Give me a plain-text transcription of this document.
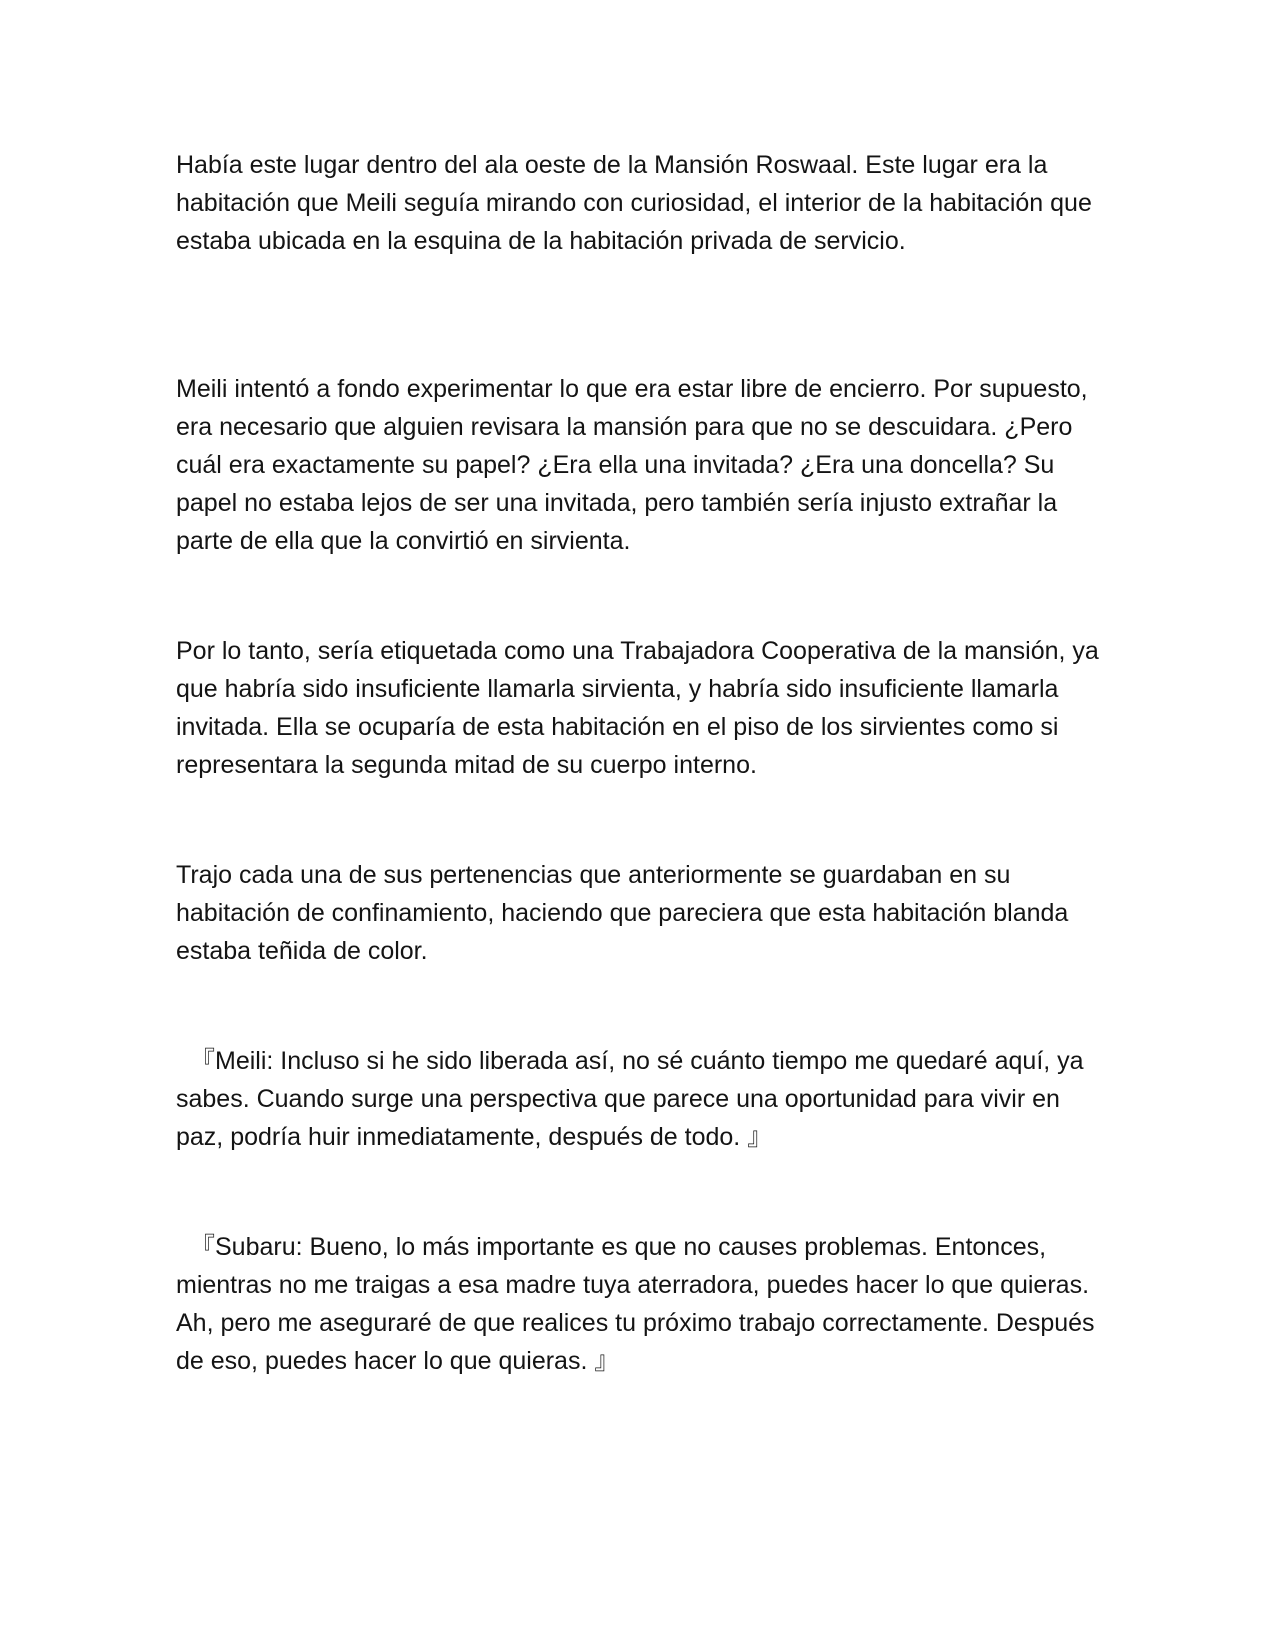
Había este lugar dentro del ala oeste de la Mansión Roswaal. Este lugar era la habitación que Meili seguía mirando con curiosidad, el interior de la habitación que estaba ubicada en la esquina de la habitación privada de servicio.

Meili intentó a fondo experimentar lo que era estar libre de encierro. Por supuesto, era necesario que alguien revisara la mansión para que no se descuidara. ¿Pero cuál era exactamente su papel? ¿Era ella una invitada? ¿Era una doncella? Su papel no estaba lejos de ser una invitada, pero también sería injusto extrañar la parte de ella que la convirtió en sirvienta.

Por lo tanto, sería etiquetada como una Trabajadora Cooperativa de la mansión, ya que habría sido insuficiente llamarla sirvienta, y habría sido insuficiente llamarla invitada. Ella se ocuparía de esta habitación en el piso de los sirvientes como si representara la segunda mitad de su cuerpo interno.

Trajo cada una de sus pertenencias que anteriormente se guardaban en su habitación de confinamiento, haciendo que pareciera que esta habitación blanda estaba teñida de color.

『Meili: Incluso si he sido liberada así, no sé cuánto tiempo me quedaré aquí, ya sabes. Cuando surge una perspectiva que parece una oportunidad para vivir en paz, podría huir inmediatamente, después de todo. 』

『Subaru: Bueno, lo más importante es que no causes problemas. Entonces, mientras no me traigas a esa madre tuya aterradora, puedes hacer lo que quieras. Ah, pero me aseguraré de que realices tu próximo trabajo correctamente. Después de eso, puedes hacer lo que quieras. 』
